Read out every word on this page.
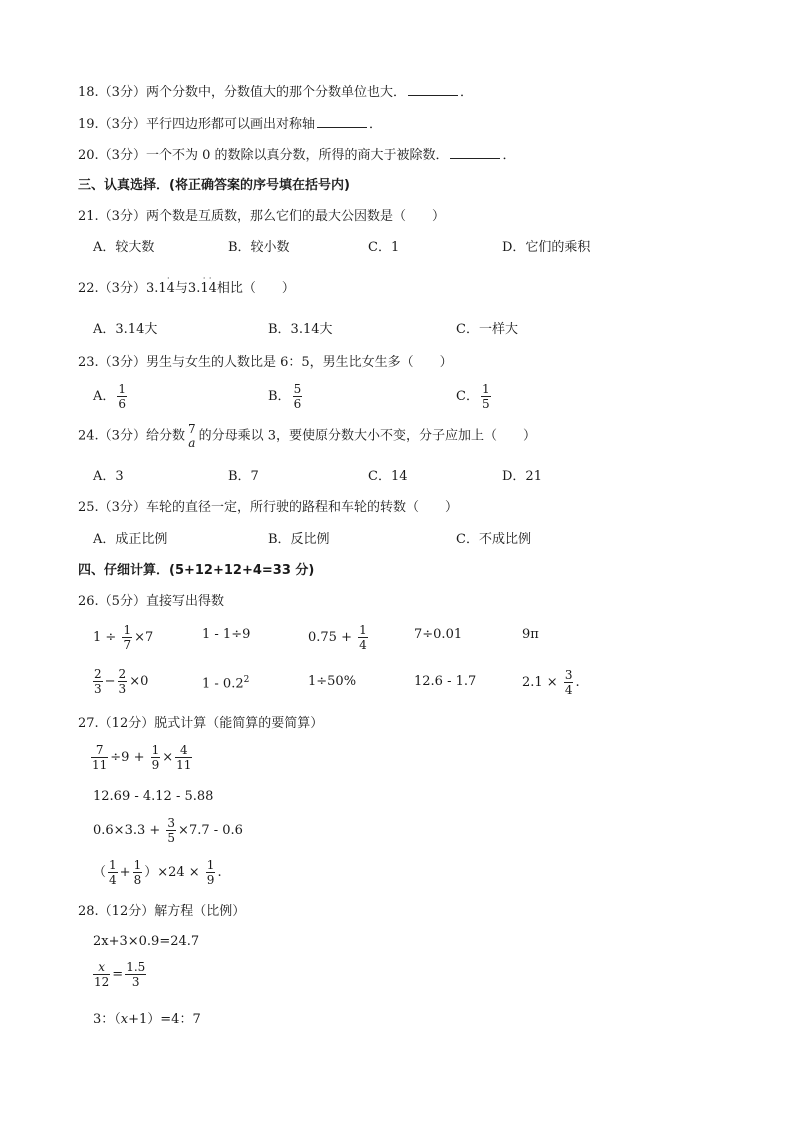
18.（3分）两个分数中，分数值大的那个分数单位也大．	．
19.（3分）平行四边形都可以画出对称轴	．
20.（3分）一个不为 0 的数除以真分数，所得的商大于被除数．	．
三、认真选择．(将正确答案的序号填在括号内)
21.（3分）两个数是互质数，那么它们的最大公因数是（　　）
A．较大数	B．较小数	C．1	D．它们的乘积
22.（3分）3.14
·
与3.14
· ·
相比（　　）
A．3.14大	B．3.14大	C．一样大
23.（3分）男生与女生的人数比是 6：5，男生比女生多（　　）
A． $\frac{1}{6}$	B． $\frac{5}{6}$	C． $\frac{1}{5}$
24.（3分）给分数 7
a 的分母乘以 3，要使原分数大小不变，分子应加上（　　）
A．3	B．7	C．14	D．21
25.（3分）车轮的直径一定，所行驶的路程和车轮的转数（　　）
A．成正比例	B．反比例	C．不成比例
四、仔细计算．(5+12+12+4=33 分)
26.（5分）直接写出得数
$1 \div \frac{1}{7} \times 7$	1 - 1÷9	$0.75 + \frac{1}{4}$	7÷0.01	9π
$\frac{2}{3} - \frac{2}{3} \times 0$	$1 - 0.2^2$	1÷50%	12.6 - 1.7	$2.1 \times \frac{3}{4}$ .
27.（12分）脱式计算（能简算的要简算）
$\frac{7}{11} \div 9 + \frac{1}{9} \times \frac{4}{11}$
12.69 - 4.12 - 5.88
$0.6\times 3.3 + \frac{3}{5} \times 7.7 - 0.6$
（ $\frac{1}{4} + \frac{1}{8} )\times 24 \times \frac{1}{9}$ .
28.（12分）解方程（比例）
2x+3×0.9=24.7
$\frac{x}{12} = \frac{1.5}{3}$
3：（x+1）=4：7
